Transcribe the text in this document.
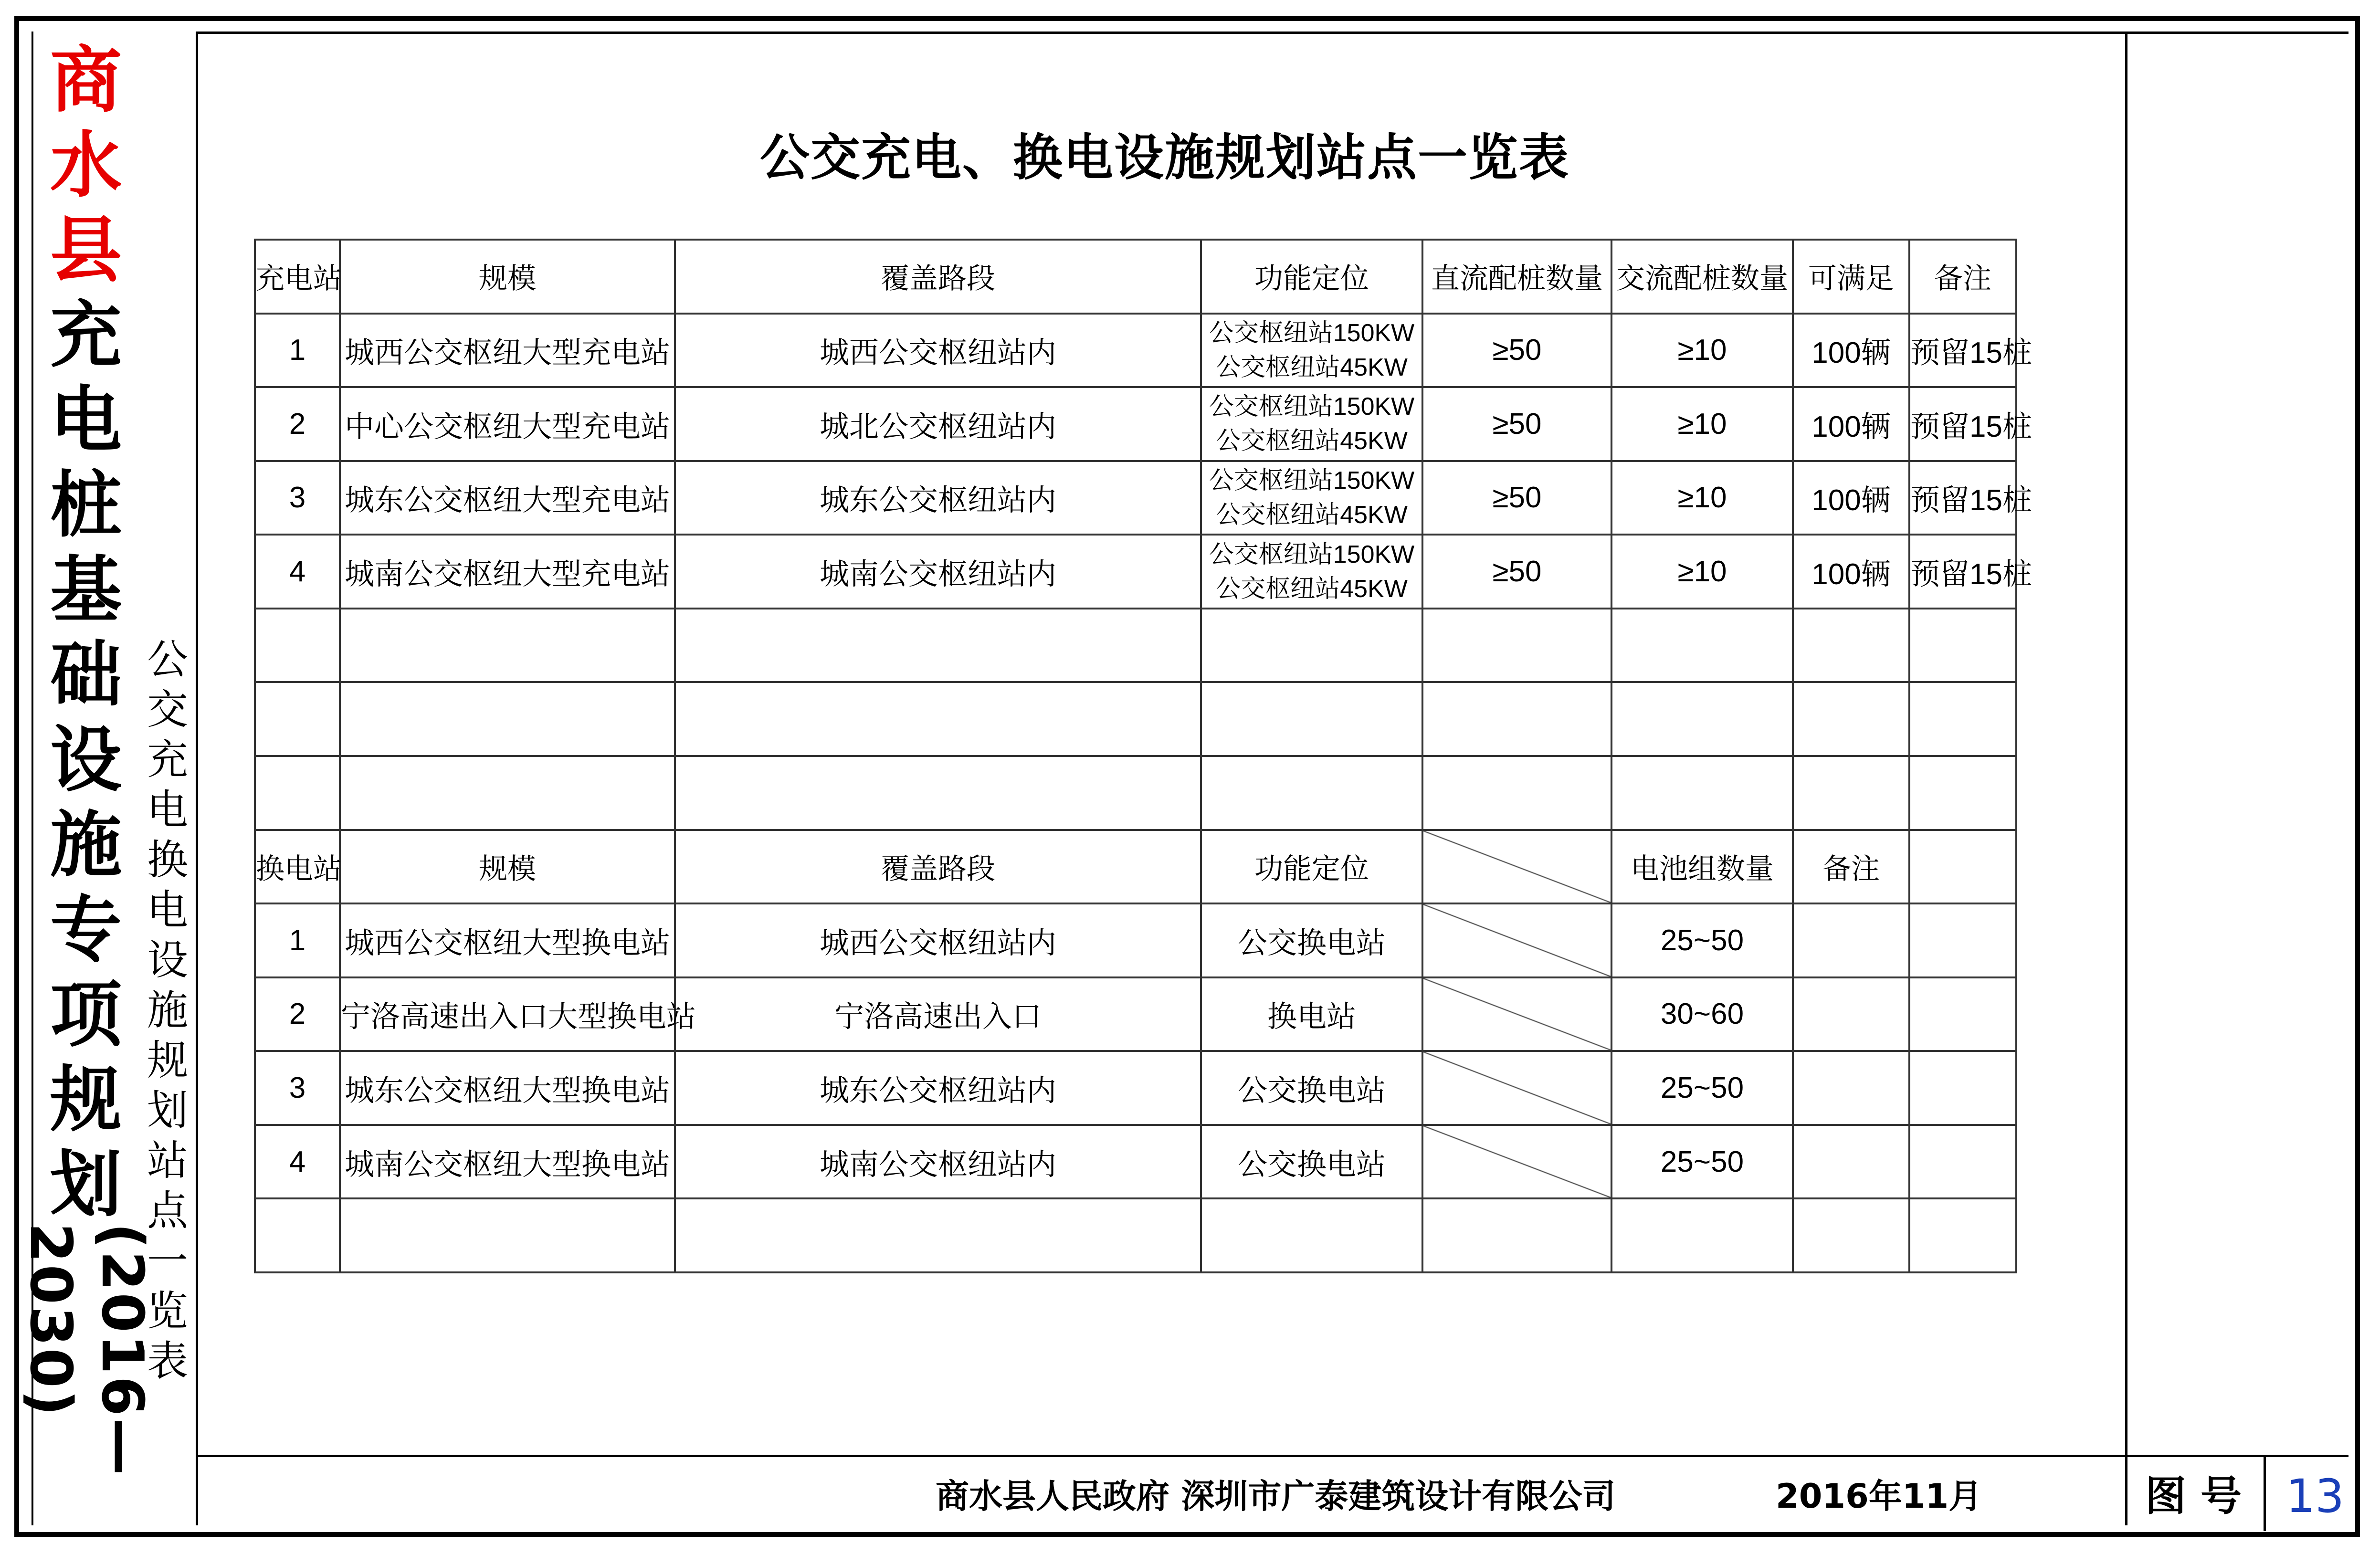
商
水
县
充
电
桩
基
础
设
施
专
项
规
划
(2016—2030)
公
交
充
电
换
电
设
施
规
划
站
点
一
览
表
公交充电、换电设施规划站点一览表
充电站	规模	覆盖路段	功能定位	直流配桩数量	交流配桩数量	可满足	备注
1	城西公交枢纽大型充电站	城西公交枢纽站内	公交枢纽站150KW
公交枢纽站45KW	≥50	≥10	100辆	预留15桩
2	中心公交枢纽大型充电站	城北公交枢纽站内	公交枢纽站150KW
公交枢纽站45KW	≥50	≥10	100辆	预留15桩
3	城东公交枢纽大型充电站	城东公交枢纽站内	公交枢纽站150KW
公交枢纽站45KW	≥50	≥10	100辆	预留15桩
4	城南公交枢纽大型充电站	城南公交枢纽站内	公交枢纽站150KW
公交枢纽站45KW	≥50	≥10	100辆	预留15桩

换电站	规模	覆盖路段	功能定位		电池组数量	备注	
1	城西公交枢纽大型换电站	城西公交枢纽站内	公交换电站		25~50		
2	宁洛高速出入口大型换电站	宁洛高速出入口	换电站		30~60		
3	城东公交枢纽大型换电站	城东公交枢纽站内	公交换电站		25~50		
4	城南公交枢纽大型换电站	城南公交枢纽站内	公交换电站		25~50		

商水县人民政府 深圳市广泰建筑设计有限公司	2016年11月	图号 13
